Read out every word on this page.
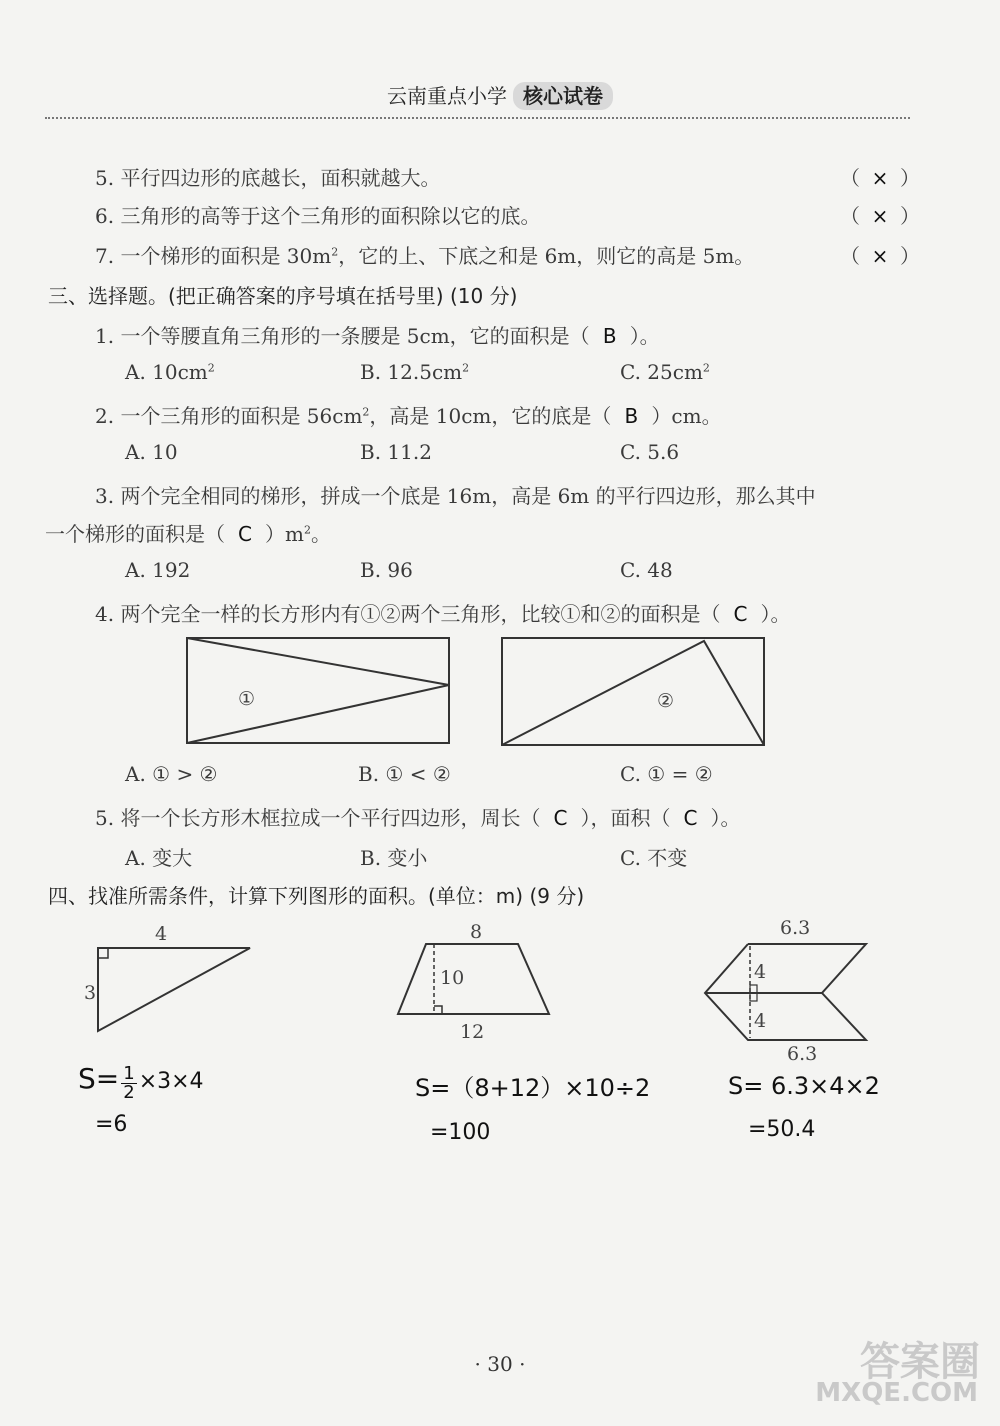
云南重点小学 核心试卷
5. 平行四边形的底越长，面积就越大。	（ × ）
6. 三角形的高等于这个三角形的面积除以它的底。	（ × ）
7. 一个梯形的面积是 $30m^2$，它的上、下底之和是 6m，则它的高是 5m。	（ × ）
三、选择题。(把正确答案的序号填在括号里) (10 分)
1. 一个等腰直角三角形的一条腰是 5cm，它的面积是（ B ）。
A. $10cm^2$	B. $12.5cm^2$	C. $25cm^2$
2. 一个三角形的面积是 $56cm^2$，高是 10cm，它的底是（ B ）cm。
A. 10	B. 11.2	C. 5.6
3. 两个完全相同的梯形，拼成一个底是 16m，高是 6m 的平行四边形，那么其中
一个梯形的面积是（ C ）$m^2$。
A. 192	B. 96	C. 48
4. 两个完全一样的长方形内有①②两个三角形，比较①和②的面积是（ C ）。
①	②
4
3
8
10
12
6.3
4
4
6.3
A. ① > ②	B. ① < ②	C. ① = ②
5. 将一个长方形木框拉成一个平行四边形，周长（ C ），面积（ C ）。
A. 变大	B. 变小	C. 不变
四、找准所需条件，计算下列图形的面积。(单位：m) (9 分)
$S= \frac{1}{2}\times 3\times 4$
=6
S=（8+12）×10÷2
=100
S= 6.3×4×2
=50.4
· 30 ·	答案圈
MXQE.COM
